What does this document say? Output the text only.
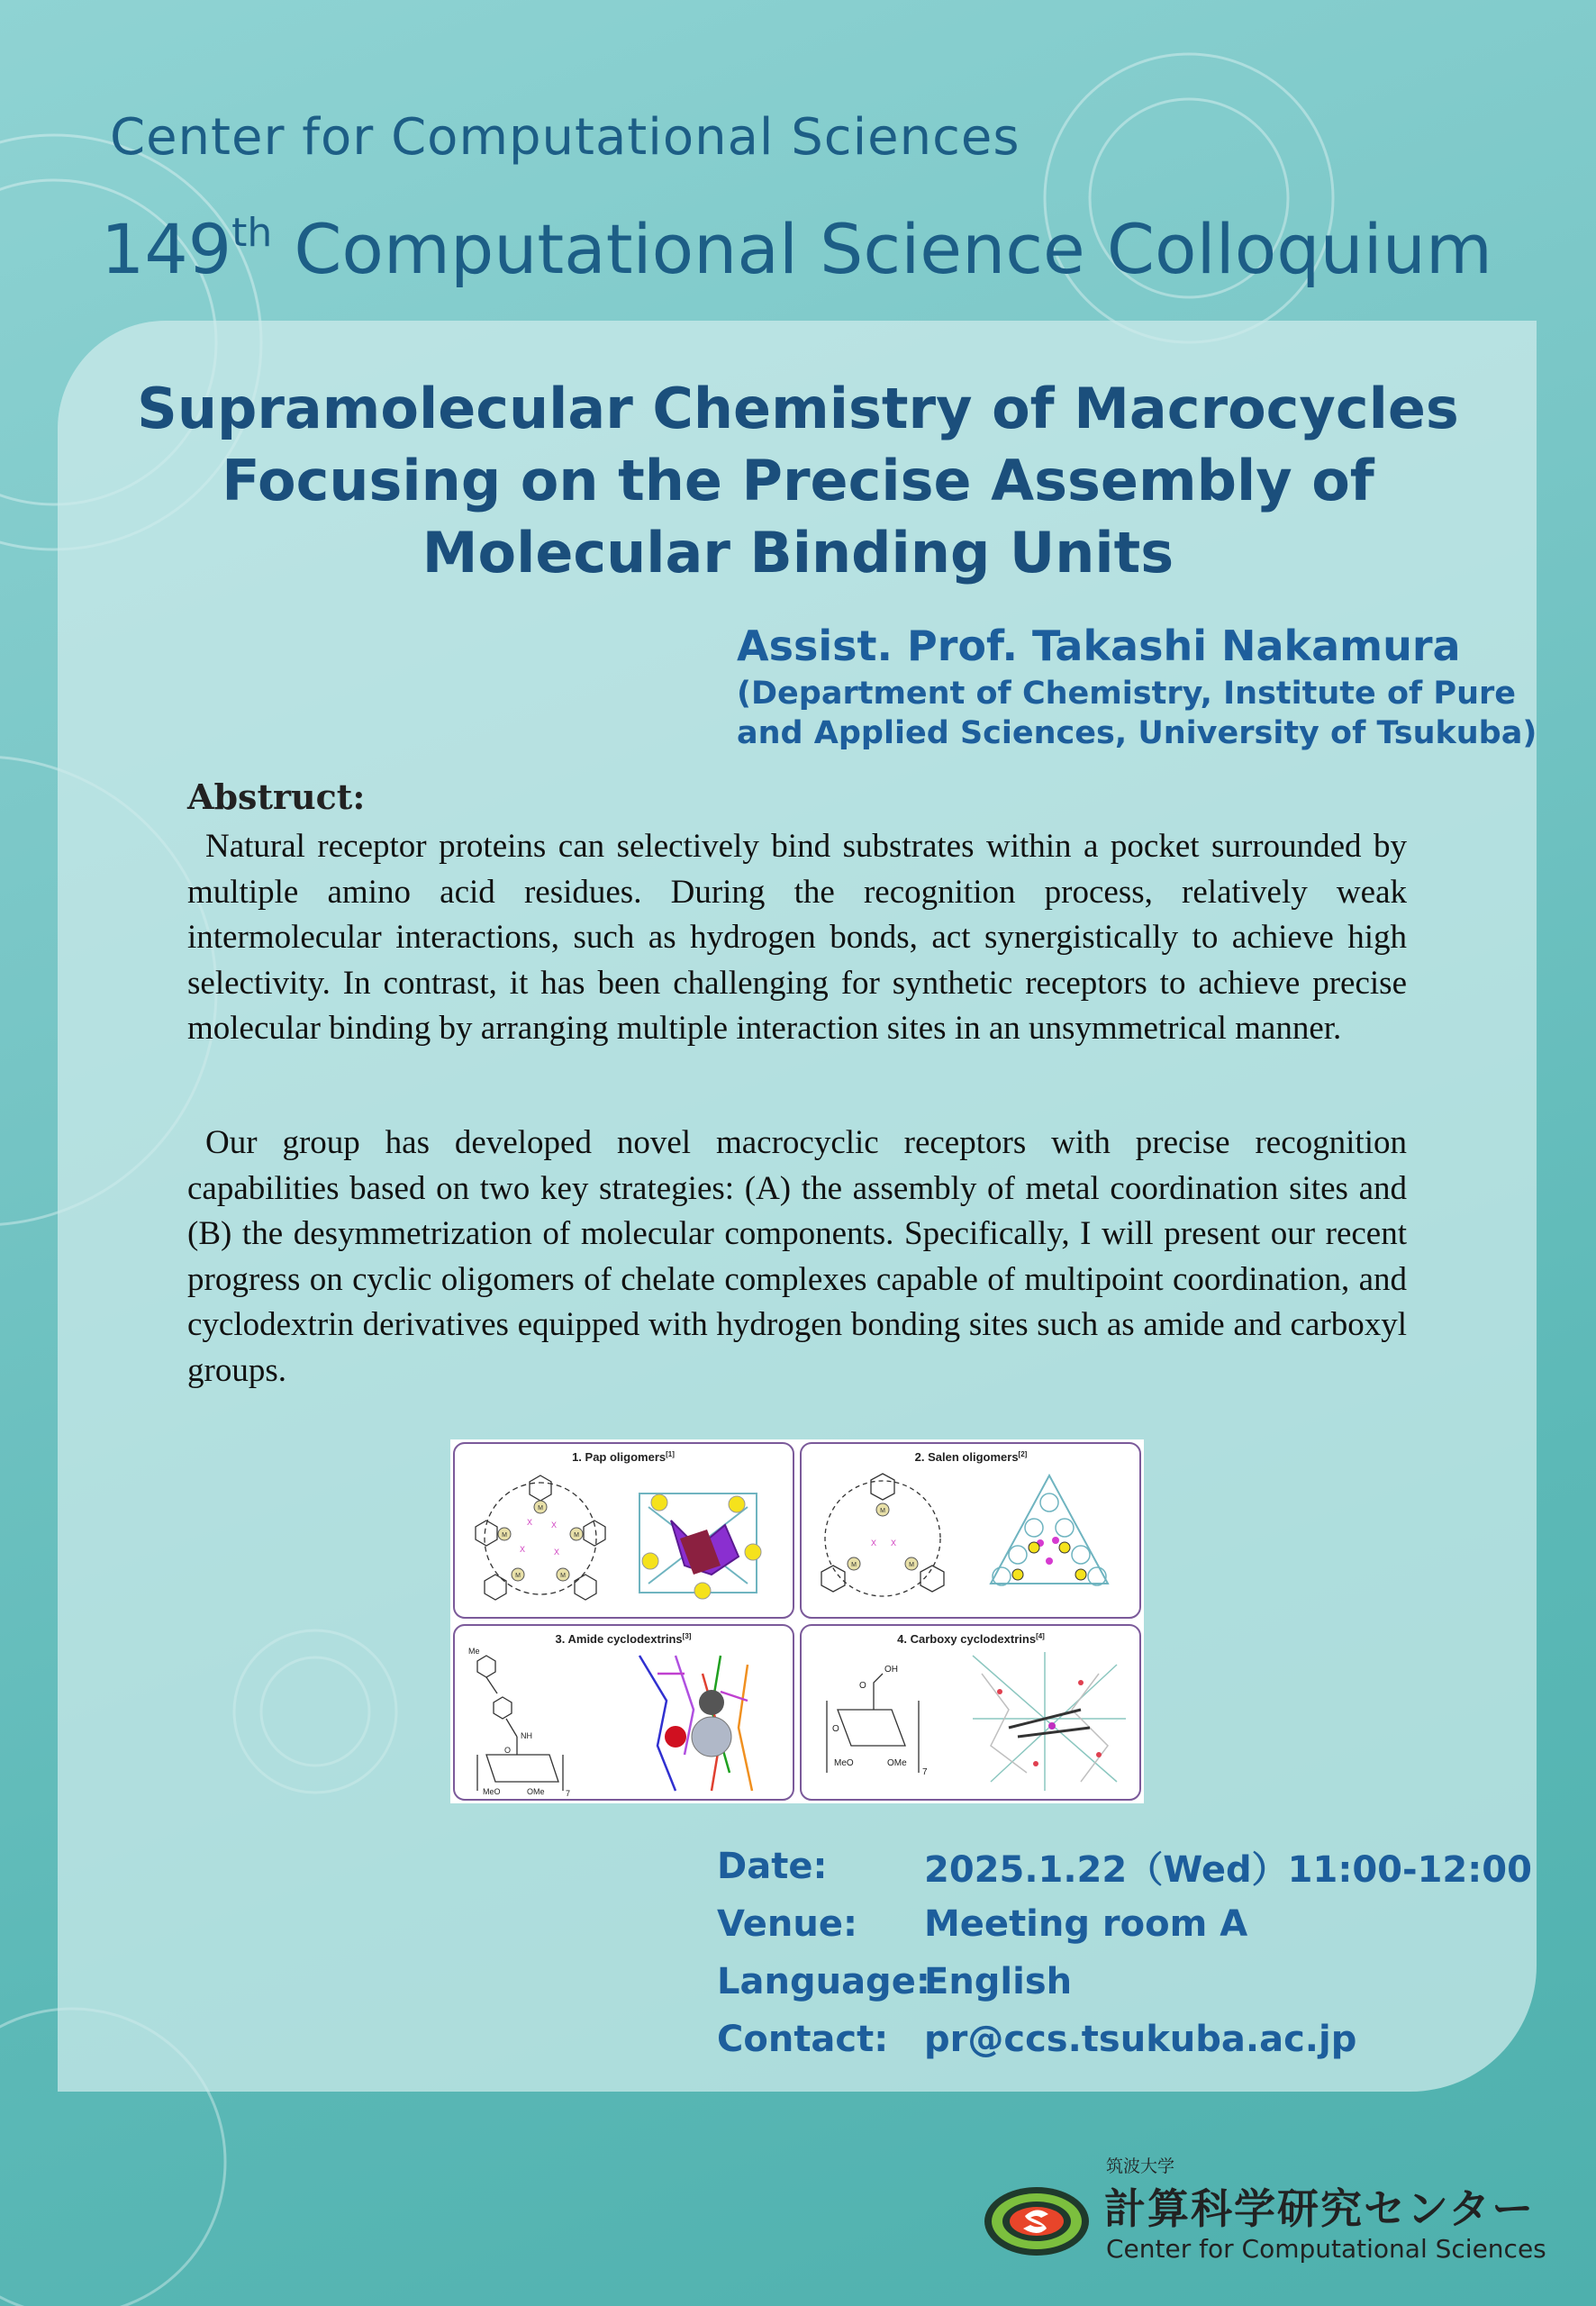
Center for Computational Sciences
149th Computational Science Colloquium
Supramolecular Chemistry of Macrocycles
Focusing on the Precise Assembly of
Molecular Binding Units

Assist. Prof. Takashi Nakamura

(Department of Chemistry, Institute of Pure
and Applied Sciences, University of Tsukuba)

Abstruct:

Natural receptor proteins can selectively bind substrates within a pocket surrounded by multiple amino acid residues. During the recognition process, relatively weak intermolecular interactions, such as hydrogen bonds, act synergistically to achieve high selectivity. In contrast, it has been challenging for synthetic receptors to achieve precise molecular binding by arranging multiple interaction sites in an unsymmetrical manner.

Our group has developed novel macrocyclic receptors with precise recognition capabilities based on two key strategies: (A) the assembly of metal coordination sites and (B) the desymmetrization of molecular components. Specifically, I will present our recent progress on cyclic oligomers of chelate complexes capable of multipoint coordination, and cyclodextrin derivatives equipped with hydrogen bonding sites such as amide and carboxyl groups.

1. Pap oligomers[1]	2. Salen oligomers[2]
3. Amide cyclodextrins[3]	4. Carboxy cyclodextrins[4]
M
M
M
M
M
X X
X	X
M
M
M
X X
Me
NH
O
MeO	OMe	7
OH
O
O
MeO	OMe
7
Date:	2025.1.22（Wed）11:00-12:00
Venue:	Meeting room A
Language:
English
Contact: pr@ccs.tsukuba.ac.jp

筑波大学

計算科学研究センター

Center for Computational Sciences
